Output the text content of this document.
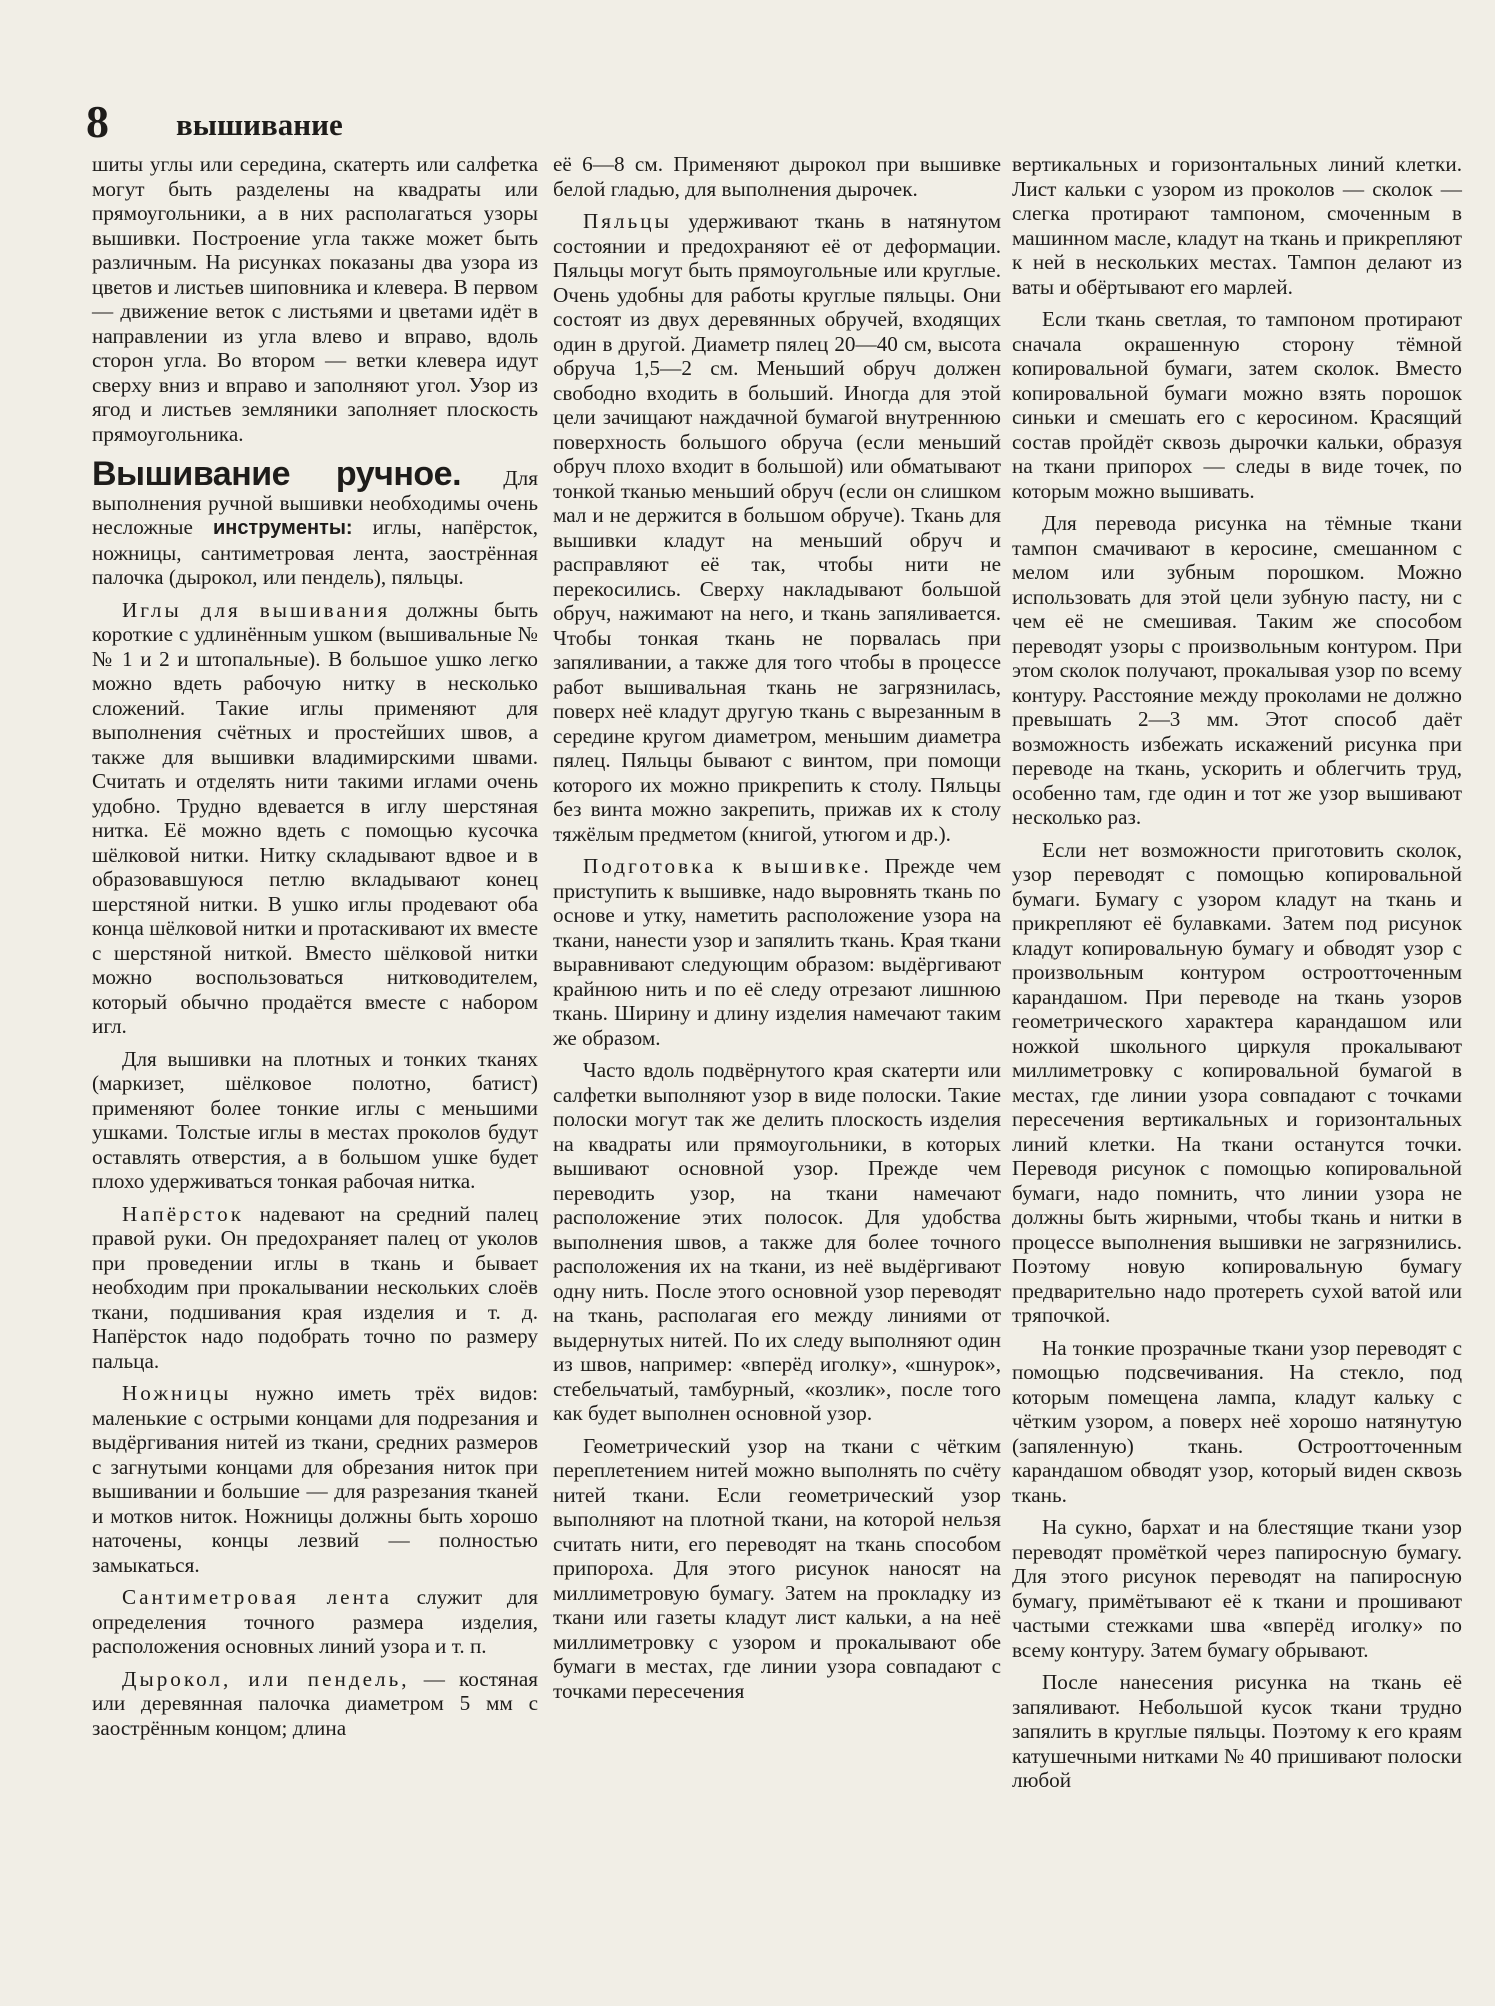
8 вышивание

шиты углы или середина, скатерть или салфетка могут быть разделены на квадраты или прямоугольники, а в них располагаться узоры вышивки. Построение угла также может быть различным. На рисунках показаны два узора из цветов и листьев шиповника и клевера. В первом — движение веток с листьями и цветами идёт в направлении из угла влево и вправо, вдоль сторон угла. Во втором — ветки клевера идут сверху вниз и вправо и заполняют угол. Узор из ягод и листьев земляники заполняет плоскость прямоугольника.

Вышивание ручное. Для выполнения ручной вышивки необходимы очень несложные инструменты: иглы, напёрсток, ножницы, сантиметровая лента, заострённая палочка (дырокол, или пендель), пяльцы.

Иглы для вышивания должны быть короткие с удлинённым ушком (вышивальные №№ 1 и 2 и штопальные). В большое ушко легко можно вдеть рабочую нитку в несколько сложений. Такие иглы применяют для выполнения счётных и простейших швов, а также для вышивки владимирскими швами. Считать и отделять нити такими иглами очень удобно. Трудно вдевается в иглу шерстяная нитка. Её можно вдеть с помощью кусочка шёлковой нитки. Нитку складывают вдвое и в образовавшуюся петлю вкладывают конец шерстяной нитки. В ушко иглы продевают оба конца шёлковой нитки и протаскивают их вместе с шерстяной ниткой. Вместо шёлковой нитки можно воспользоваться нитководителем, который обычно продаётся вместе с набором игл.

Для вышивки на плотных и тонких тканях (маркизет, шёлковое полотно, батист) применяют более тонкие иглы с меньшими ушками. Толстые иглы в местах проколов будут оставлять отверстия, а в большом ушке будет плохо удерживаться тонкая рабочая нитка.

Напёрсток надевают на средний палец правой руки. Он предохраняет палец от уколов при проведении иглы в ткань и бывает необходим при прокалывании нескольких слоёв ткани, подшивания края изделия и т. д. Напёрсток надо подобрать точно по размеру пальца.

Ножницы нужно иметь трёх видов: маленькие с острыми концами для подрезания и выдёргивания нитей из ткани, средних размеров с загнутыми концами для обрезания ниток при вышивании и большие — для разрезания тканей и мотков ниток. Ножницы должны быть хорошо наточены, концы лезвий — полностью замыкаться.

Сантиметровая лента служит для определения точного размера изделия, расположения основных линий узора и т. п.

Дырокол, или пендель, — костяная или деревянная палочка диаметром 5 мм с заострённым концом; длина

её 6—8 см. Применяют дырокол при вышивке белой гладью, для выполнения дырочек.

Пяльцы удерживают ткань в натянутом состоянии и предохраняют её от деформации. Пяльцы могут быть прямоугольные или круглые. Очень удобны для работы круглые пяльцы. Они состоят из двух деревянных обручей, входящих один в другой. Диаметр пялец 20—40 см, высота обруча 1,5—2 см. Меньший обруч должен свободно входить в больший. Иногда для этой цели зачищают наждачной бумагой внутреннюю поверхность большого обруча (если меньший обруч плохо входит в большой) или обматывают тонкой тканью меньший обруч (если он слишком мал и не держится в большом обруче). Ткань для вышивки кладут на меньший обруч и расправляют её так, чтобы нити не перекосились. Сверху накладывают большой обруч, нажимают на него, и ткань запяливается. Чтобы тонкая ткань не порвалась при запяливании, а также для того чтобы в процессе работ вышивальная ткань не загрязнилась, поверх неё кладут другую ткань с вырезанным в середине кругом диаметром, меньшим диаметра пялец. Пяльцы бывают с винтом, при помощи которого их можно прикрепить к столу. Пяльцы без винта можно закрепить, прижав их к столу тяжёлым предметом (книгой, утюгом и др.).

Подготовка к вышивке. Прежде чем приступить к вышивке, надо выровнять ткань по основе и утку, наметить расположение узора на ткани, нанести узор и запялить ткань. Края ткани выравнивают следующим образом: выдёргивают крайнюю нить и по её следу отрезают лишнюю ткань. Ширину и длину изделия намечают таким же образом.

Часто вдоль подвёрнутого края скатерти или салфетки выполняют узор в виде полоски. Такие полоски могут так же делить плоскость изделия на квадраты или прямоугольники, в которых вышивают основной узор. Прежде чем переводить узор, на ткани намечают расположение этих полосок. Для удобства выполнения швов, а также для более точного расположения их на ткани, из неё выдёргивают одну нить. После этого основной узор переводят на ткань, располагая его между линиями от выдернутых нитей. По их следу выполняют один из швов, например: «вперёд иголку», «шнурок», стебельчатый, тамбурный, «козлик», после того как будет выполнен основной узор.

Геометрический узор на ткани с чётким переплетением нитей можно выполнять по счёту нитей ткани. Если геометрический узор выполняют на плотной ткани, на которой нельзя считать нити, его переводят на ткань способом припороха. Для этого рисунок наносят на миллиметровую бумагу. Затем на прокладку из ткани или газеты кладут лист кальки, а на неё миллиметровку с узором и прокалывают обе бумаги в местах, где линии узора совпадают с точками пересечения

вертикальных и горизонтальных линий клетки. Лист кальки с узором из проколов — сколок — слегка протирают тампоном, смоченным в машинном масле, кладут на ткань и прикрепляют к ней в нескольких местах. Тампон делают из ваты и обёртывают его марлей.

Если ткань светлая, то тампоном протирают сначала окрашенную сторону тёмной копировальной бумаги, затем сколок. Вместо копировальной бумаги можно взять порошок синьки и смешать его с керосином. Красящий состав пройдёт сквозь дырочки кальки, образуя на ткани припорох — следы в виде точек, по которым можно вышивать.

Для перевода рисунка на тёмные ткани тампон смачивают в керосине, смешанном с мелом или зубным порошком. Можно использовать для этой цели зубную пасту, ни с чем её не смешивая. Таким же способом переводят узоры с произвольным контуром. При этом сколок получают, прокалывая узор по всему контуру. Расстояние между проколами не должно превышать 2—3 мм. Этот способ даёт возможность избежать искажений рисунка при переводе на ткань, ускорить и облегчить труд, особенно там, где один и тот же узор вышивают несколько раз.

Если нет возможности приготовить сколок, узор переводят с помощью копировальной бумаги. Бумагу с узором кладут на ткань и прикрепляют её булавками. Затем под рисунок кладут копировальную бумагу и обводят узор с произвольным контуром остроотточенным карандашом. При переводе на ткань узоров геометрического характера карандашом или ножкой школьного циркуля прокалывают миллиметровку с копировальной бумагой в местах, где линии узора совпадают с точками пересечения вертикальных и горизонтальных линий клетки. На ткани останутся точки. Переводя рисунок с помощью копировальной бумаги, надо помнить, что линии узора не должны быть жирными, чтобы ткань и нитки в процессе выполнения вышивки не загрязнились. Поэтому новую копировальную бумагу предварительно надо протереть сухой ватой или тряпочкой.

На тонкие прозрачные ткани узор переводят с помощью подсвечивания. На стекло, под которым помещена лампа, кладут кальку с чётким узором, а поверх неё хорошо натянутую (запяленную) ткань. Остроотточенным карандашом обводят узор, который виден сквозь ткань.

На сукно, бархат и на блестящие ткани узор переводят промёткой через папиросную бумагу. Для этого рисунок переводят на папиросную бумагу, примётывают её к ткани и прошивают частыми стежками шва «вперёд иголку» по всему контуру. Затем бумагу обрывают.

После нанесения рисунка на ткань её запяливают. Небольшой кусок ткани трудно запялить в круглые пяльцы. Поэтому к его краям катушечными нитками № 40 пришивают полоски любой
